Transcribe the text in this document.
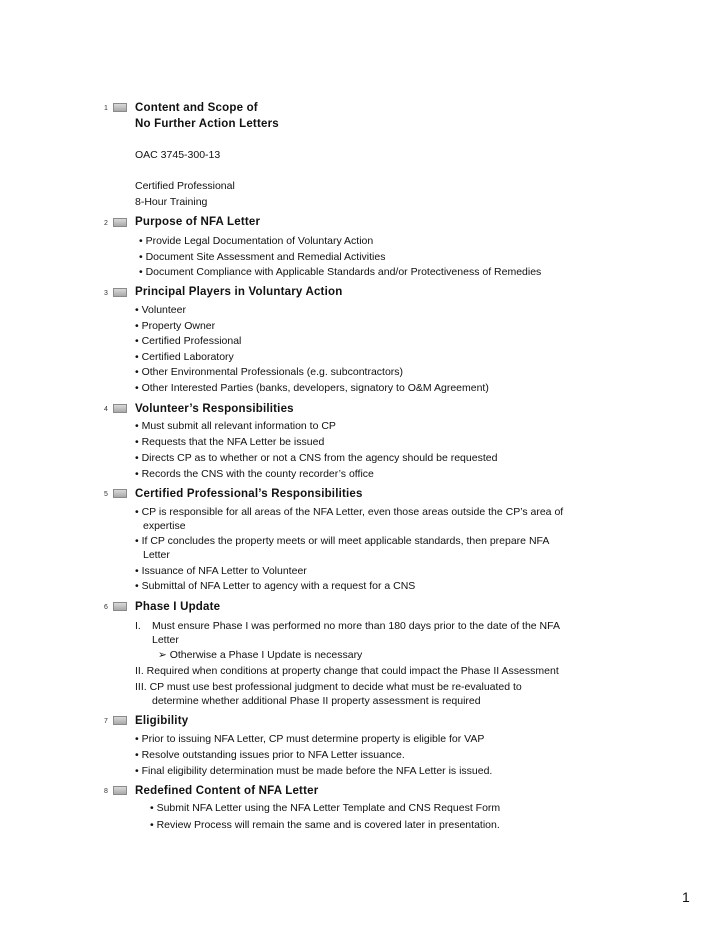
1 Content and Scope of
No Further Action Letters
OAC 3745-300-13
Certified Professional
8-Hour Training
2 Purpose of NFA Letter
• Provide Legal Documentation of Voluntary Action
• Document Site Assessment and Remedial Activities
• Document Compliance with Applicable Standards and/or Protectiveness of Remedies
3 Principal Players in Voluntary Action
• Volunteer
• Property Owner
• Certified Professional
• Certified Laboratory
• Other Environmental Professionals (e.g. subcontractors)
• Other Interested Parties (banks, developers, signatory to O&M Agreement)
4 Volunteer’s Responsibilities
• Must submit all relevant information to CP
• Requests that the NFA Letter be issued
• Directs CP as to whether or not a CNS from the agency should be requested
• Records the CNS with the county recorder’s office
5 Certified Professional’s Responsibilities
• CP is responsible for all areas of the NFA Letter, even those areas outside the CP’s area of
expertise
• If CP concludes the property meets or will meet applicable standards, then prepare NFA
Letter
• Issuance of NFA Letter to Volunteer
• Submittal of NFA Letter to agency with a request for a CNS
6 Phase I Update
I. Must ensure Phase I was performed no more than 180 days prior to the date of the NFA
Letter
➢ Otherwise a Phase I Update is necessary
II. Required when conditions at property change that could impact the Phase II Assessment
III. CP must use best professional judgment to decide what must be re-evaluated to
determine whether additional Phase II property assessment is required
7 Eligibility
• Prior to issuing NFA Letter, CP must determine property is eligible for VAP
• Resolve outstanding issues prior to NFA Letter issuance.
• Final eligibility determination must be made before the NFA Letter is issued.
8 Redefined Content of NFA Letter
• Submit NFA Letter using the NFA Letter Template and CNS Request Form
• Review Process will remain the same and is covered later in presentation.
1
